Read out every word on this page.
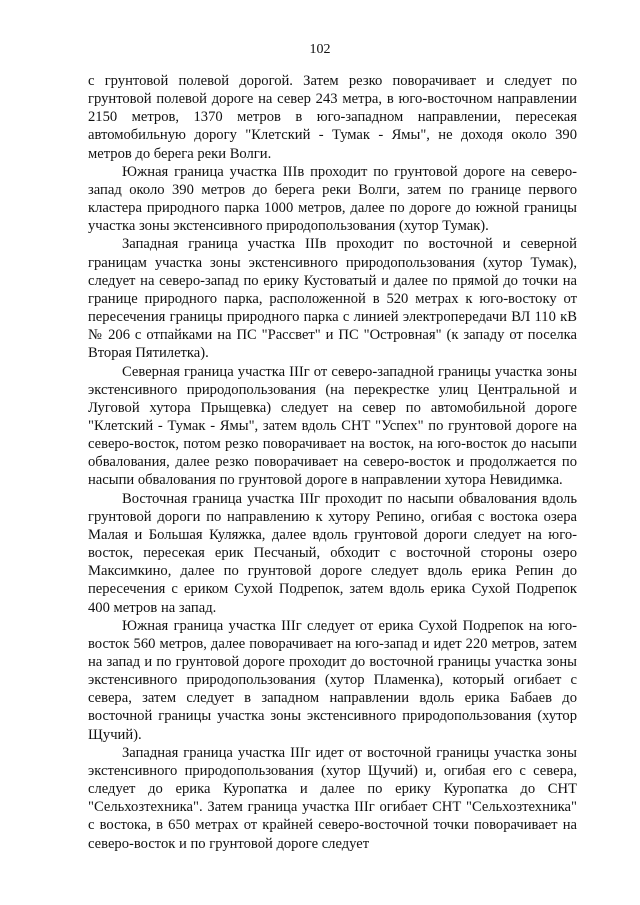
102

с грунтовой полевой дорогой. Затем резко поворачивает и следует по грунтовой полевой дороге на север 243 метра, в юго-восточном направлении 2150 метров, 1370 метров в юго-западном направлении, пересекая автомобильную дорогу "Клетский - Тумак - Ямы", не доходя около 390 метров до берега реки Волги.

Южная граница участка IIIв проходит по грунтовой дороге на северо-запад около 390 метров до берега реки Волги, затем по границе первого кластера природного парка 1000 метров, далее по дороге до южной границы участка зоны экстенсивного природопользования (хутор Тумак).

Западная граница участка IIIв проходит по восточной и северной границам участка зоны экстенсивного природопользования (хутор Тумак), следует на северо-запад по ерику Кустоватый и далее по прямой до точки на границе природного парка, расположенной в 520 метрах к юго-востоку от пересечения границы природного парка с линией электропередачи ВЛ 110 кВ № 206 с отпайками на ПС "Рассвет" и ПС "Островная" (к западу от поселка Вторая Пятилетка).

Северная граница участка IIIг от северо-западной границы участка зоны экстенсивного природопользования (на перекрестке улиц Центральной и Луговой хутора Прыщевка) следует на север по автомобильной дороге "Клетский - Тумак - Ямы", затем вдоль СНТ "Успех" по грунтовой дороге на северо-восток, потом резко поворачивает на восток, на юго-восток до насыпи обвалования, далее резко поворачивает на северо-восток и продолжается по насыпи обвалования по грунтовой дороге в направлении хутора Невидимка.

Восточная граница участка IIIг проходит по насыпи обвалования вдоль грунтовой дороги по направлению к хутору Репино, огибая с востока озера Малая и Большая Куляжка, далее вдоль грунтовой дороги следует на юго-восток, пересекая ерик Песчаный, обходит с восточной стороны озеро Максимкино, далее по грунтовой дороге следует вдоль ерика Репин до пересечения с ериком Сухой Подрепок, затем вдоль ерика Сухой Подрепок 400 метров на запад.

Южная граница участка IIIг следует от ерика Сухой Подрепок на юго-восток 560 метров, далее поворачивает на юго-запад и идет 220 метров, затем на запад и по грунтовой дороге проходит до восточной границы участка зоны экстенсивного природопользования (хутор Пламенка), который огибает с севера, затем следует в западном направлении вдоль ерика Бабаев до восточной границы участка зоны экстенсивного природопользования (хутор Щучий).

Западная граница участка IIIг идет от восточной границы участка зоны экстенсивного природопользования (хутор Щучий) и, огибая его с севера, следует до ерика Куропатка и далее по ерику Куропатка до СНТ "Сельхозтехника". Затем граница участка IIIг огибает СНТ "Сельхозтехника" с востока, в 650 метрах от крайней северо-восточной точки поворачивает на северо-восток и по грунтовой дороге следует
